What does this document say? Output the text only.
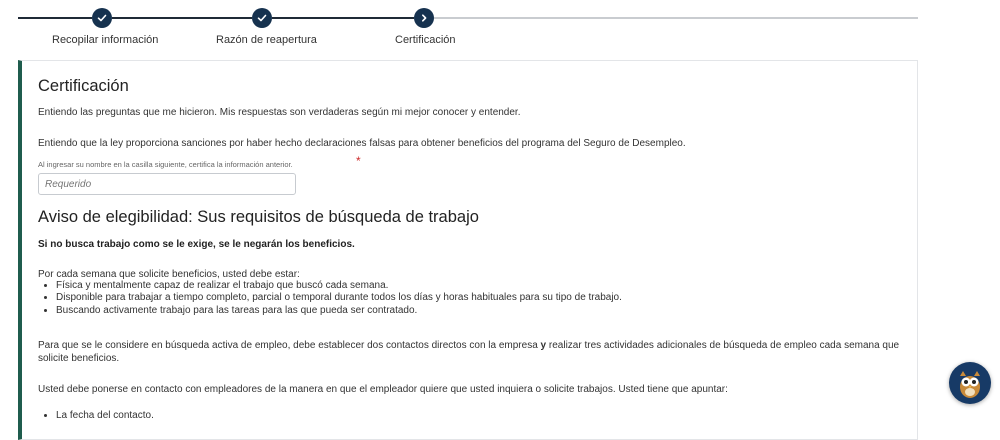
Recopilar información	Razón de reapertura	Certificación
Certificación

Entiendo las preguntas que me hicieron. Mis respuestas son verdaderas según mi mejor conocer y entender.

Entiendo que la ley proporciona sanciones por haber hecho declaraciones falsas para obtener beneficios del programa del Seguro de Desempleo.

Al ingresar su nombre en la casilla siguiente, certifica la información anterior.	*
Requerido
Aviso de elegibilidad: Sus requisitos de búsqueda de trabajo

Si no busca trabajo como se le exige, se le negarán los beneficios.

Por cada semana que solicite beneficios, usted debe estar:

• Física y mentalmente capaz de realizar el trabajo que buscó cada semana.
• Disponible para trabajar a tiempo completo, parcial o temporal durante todos los días y horas habituales para su tipo de trabajo.
• Buscando activamente trabajo para las tareas para las que pueda ser contratado.

Para que se le considere en búsqueda activa de empleo, debe establecer dos contactos directos con la empresa y realizar tres actividades adicionales de búsqueda de empleo cada semana que solicite beneficios.

Usted debe ponerse en contacto con empleadores de la manera en que el empleador quiere que usted inquiera o solicite trabajos. Usted tiene que apuntar:

• La fecha del contacto.
